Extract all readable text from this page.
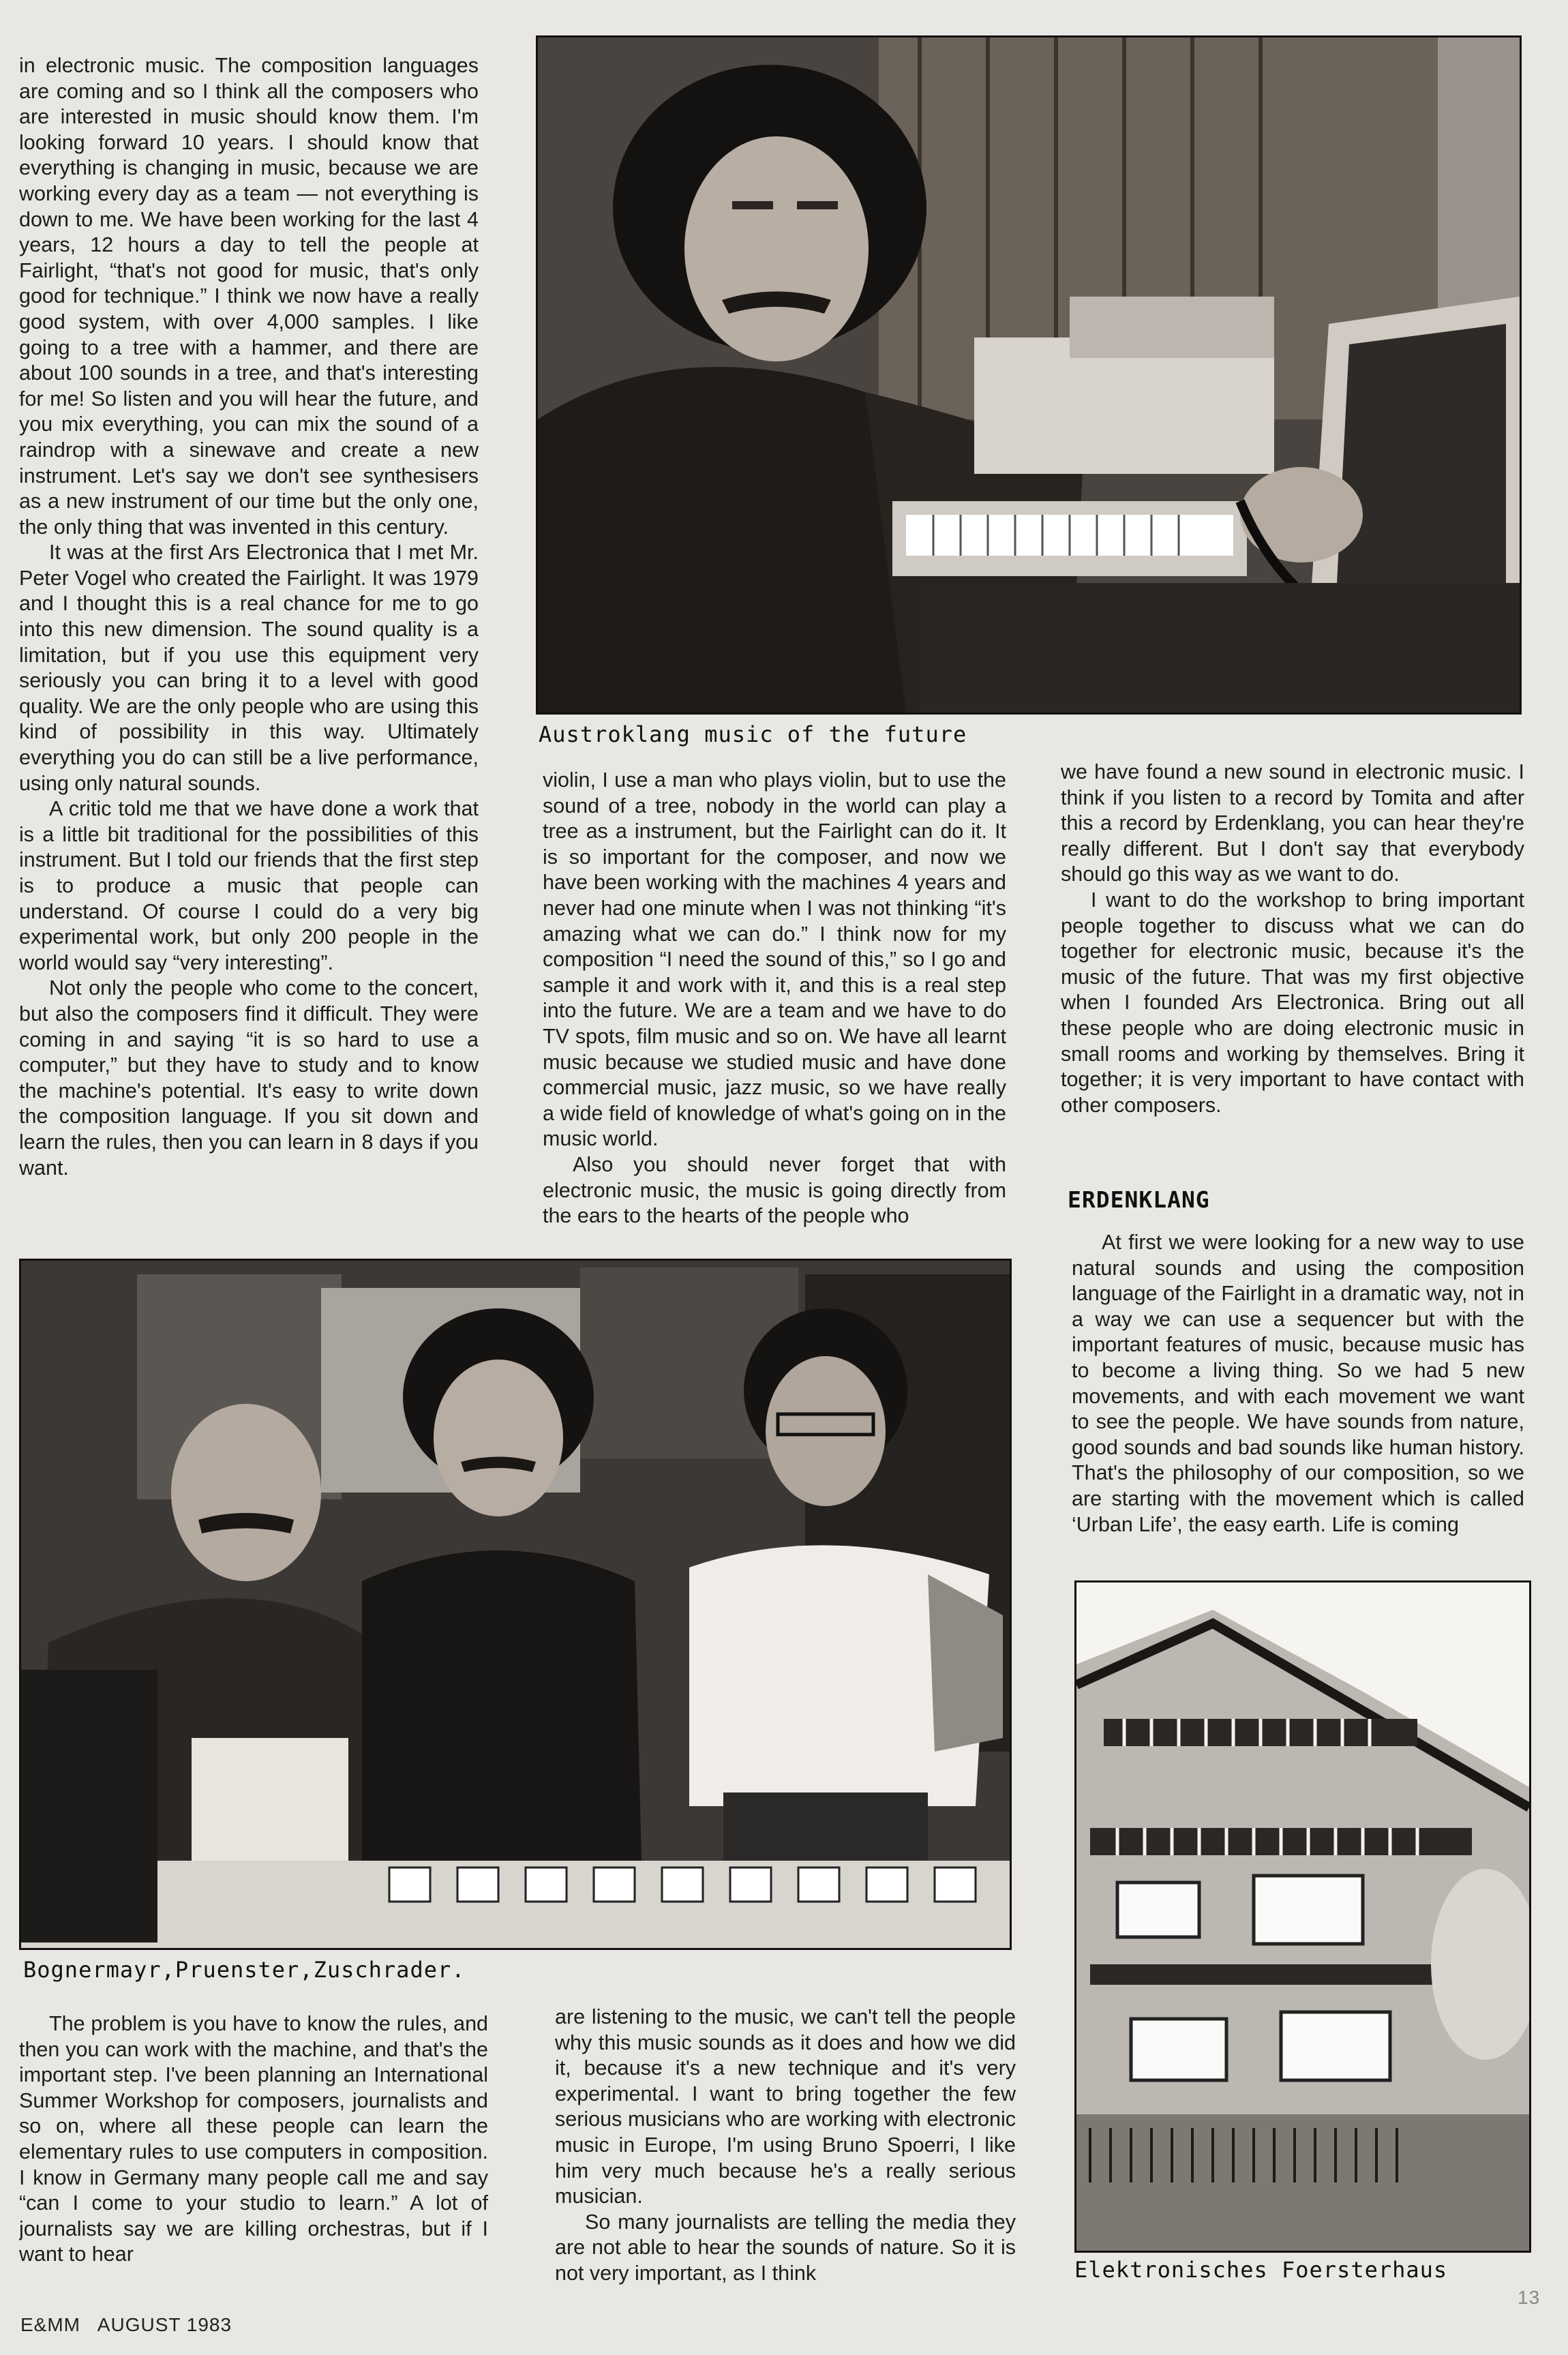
in electronic music. The composition languages are coming and so I think all the composers who are interested in music should know them. I'm looking forward 10 years. I should know that everything is changing in music, because we are working every day as a team — not everything is down to me. We have been working for the last 4 years, 12 hours a day to tell the people at Fairlight, “that's not good for music, that's only good for technique.” I think we now have a really good system, with over 4,000 samples. I like going to a tree with a hammer, and there are about 100 sounds in a tree, and that's interesting for me! So listen and you will hear the future, and you mix everything, you can mix the sound of a raindrop with a sinewave and create a new instrument. Let's say we don't see synthesisers as a new instrument of our time but the only one, the only thing that was invented in this century.

It was at the first Ars Electronica that I met Mr. Peter Vogel who created the Fairlight. It was 1979 and I thought this is a real chance for me to go into this new dimension. The sound quality is a limitation, but if you use this equipment very seriously you can bring it to a level with good quality. We are the only people who are using this kind of possibility in this way. Ultimately everything you do can still be a live performance, using only natural sounds.

A critic told me that we have done a work that is a little bit traditional for the possibilities of this instrument. But I told our friends that the first step is to produce a music that people can understand. Of course I could do a very big experimental work, but only 200 people in the world would say “very interesting”.

Not only the people who come to the concert, but also the composers find it difficult. They were coming in and saying “it is so hard to use a computer,” but they have to study and to know the machine's potential. It's easy to write down the composition language. If you sit down and learn the rules, then you can learn in 8 days if you want.

Austroklang music of the future

violin, I use a man who plays violin, but to use the sound of a tree, nobody in the world can play a tree as a instrument, but the Fairlight can do it. It is so important for the composer, and now we have been working with the machines 4 years and never had one minute when I was not thinking “it's amazing what we can do.” I think now for my composition “I need the sound of this,” so I go and sample it and work with it, and this is a real step into the future. We are a team and we have to do TV spots, film music and so on. We have all learnt music because we studied music and have done commercial music, jazz music, so we have really a wide field of knowledge of what's going on in the music world.

Also you should never forget that with electronic music, the music is going directly from the ears to the hearts of the people who

we have found a new sound in electronic music. I think if you listen to a record by Tomita and after this a record by Erdenklang, you can hear they're really different. But I don't say that everybody should go this way as we want to do.

I want to do the workshop to bring important people together to discuss what we can do together for electronic music, because it's the music of the future. That was my first objective when I founded Ars Electronica. Bring out all these people who are doing electronic music in small rooms and working by themselves. Bring it together; it is very important to have contact with other composers.

ERDENKLANG

At first we were looking for a new way to use natural sounds and using the composition language of the Fairlight in a dramatic way, not in a way we can use a sequencer but with the important features of music, because music has to become a living thing. So we had 5 new movements, and with each movement we want to see the people. We have sounds from nature, good sounds and bad sounds like human history. That's the philosophy of our composition, so we are starting with the movement which is called ‘Urban Life’, the easy earth. Life is coming

Bognermayr,Pruenster,Zuschrader.

The problem is you have to know the rules, and then you can work with the machine, and that's the important step. I've been planning an International Summer Workshop for composers, journalists and so on, where all these people can learn the elementary rules to use computers in composition. I know in Germany many people call me and say “can I come to your studio to learn.” A lot of journalists say we are killing orchestras, but if I want to hear

are listening to the music, we can't tell the people why this music sounds as it does and how we did it, because it's a new technique and it's very experimental. I want to bring together the few serious musicians who are working with electronic music in Europe, I'm using Bruno Spoerri, I like him very much because he's a really serious musician.

So many journalists are telling the media they are not able to hear the sounds of nature. So it is not very important, as I think	Elektronisches Foersterhaus
E&MM   AUGUST 1983
13
